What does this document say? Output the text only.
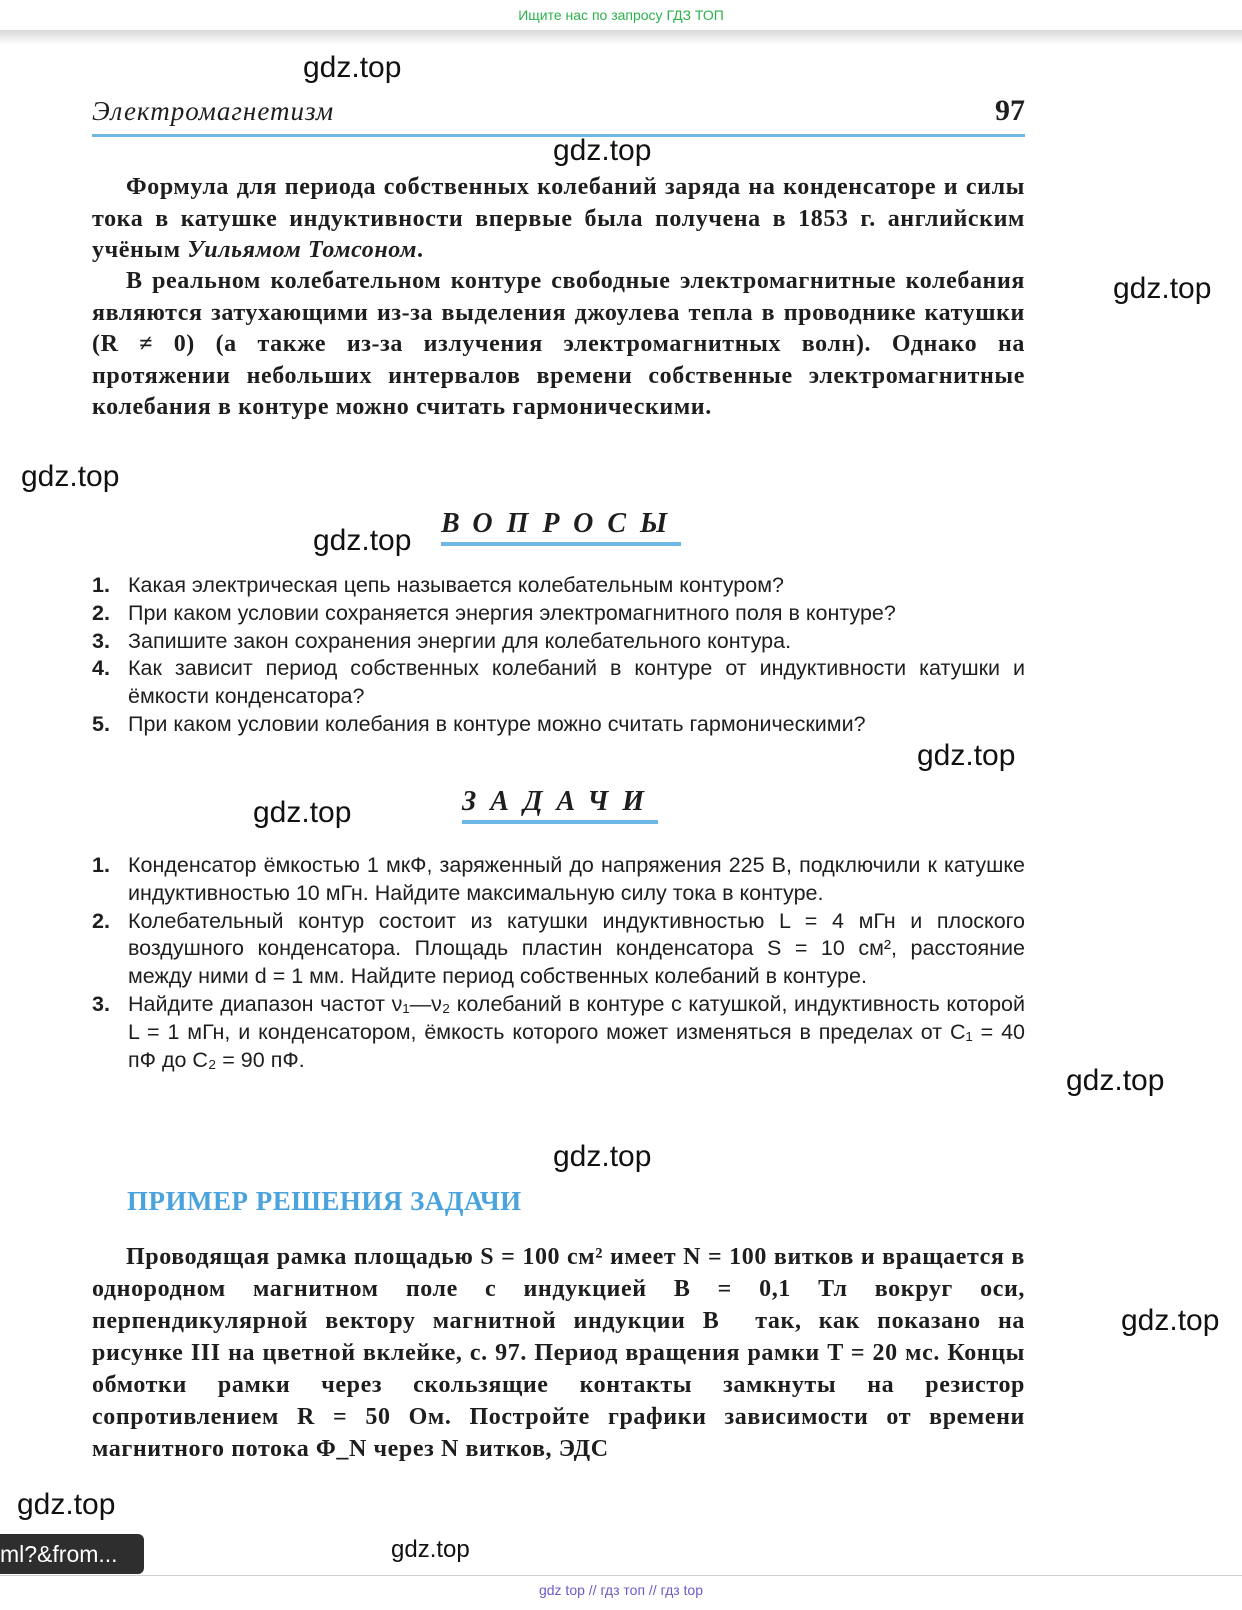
Ищите нас по запросу ГДЗ ТОП
gdz.top
gdz.top
gdz.top
gdz.top
gdz.top
gdz.top
gdz.top
gdz.top
gdz.top
gdz.top
gdz.top
gdz.top
Электромагнетизм	97

Формула для периода собственных колебаний заряда на конденсаторе и силы тока в катушке индуктивности впервые была получена в 1853 г. английским учёным Уильямом Томсоном.

В реальном колебательном контуре свободные электромагнитные колебания являются затухающими из-за выделения джоулева тепла в проводнике катушки (R ≠ 0) (а также из-за излучения электромагнитных волн). Однако на протяжении небольших интервалов времени собственные электромагнитные колебания в контуре можно считать гармоническими.

ВОПРОСЫ
1. Какая электрическая цепь называется колебательным контуром?
2. При каком условии сохраняется энергия электромагнитного поля в контуре?
3. Запишите закон сохранения энергии для колебательного контура.
4. Как зависит период собственных колебаний в контуре от индуктивности катушки и ёмкости конденсатора?
5. При каком условии колебания в контуре можно считать гармоническими?
ЗАДАЧИ
1. Конденсатор ёмкостью 1 мкФ, заряженный до напряжения 225 В, подключили к катушке индуктивностью 10 мГн. Найдите максимальную силу тока в контуре.
2. Колебательный контур состоит из катушки индуктивностью L = 4 мГн и плоского воздушного конденсатора. Площадь пластин конденсатора S = 10 см², расстояние между ними d = 1 мм. Найдите период собственных колебаний в контуре.
3. Найдите диапазон частот ν₁—ν₂ колебаний в контуре с катушкой, индуктивность которой L = 1 мГн, и конденсатором, ёмкость которого может изменяться в пределах от C₁ = 40 пФ до C₂ = 90 пФ.
ПРИМЕР РЕШЕНИЯ ЗАДАЧИ

Проводящая рамка площадью S = 100 см² имеет N = 100 витков и вращается в однородном магнитном поле с индукцией B = 0,1 Тл вокруг оси, перпендикулярной вектору магнитной индукции B⃗ так, как показано на рисунке III на цветной вклейке, с. 97. Период вращения рамки T = 20 мс. Концы обмотки рамки через скользящие контакты замкнуты на резистор сопротивлением R = 50 Ом. Постройте графики зависимости от времени магнитного потока Φ_N через N витков, ЭДС

ml?&from...
gdz top // гдз топ // гдз top
